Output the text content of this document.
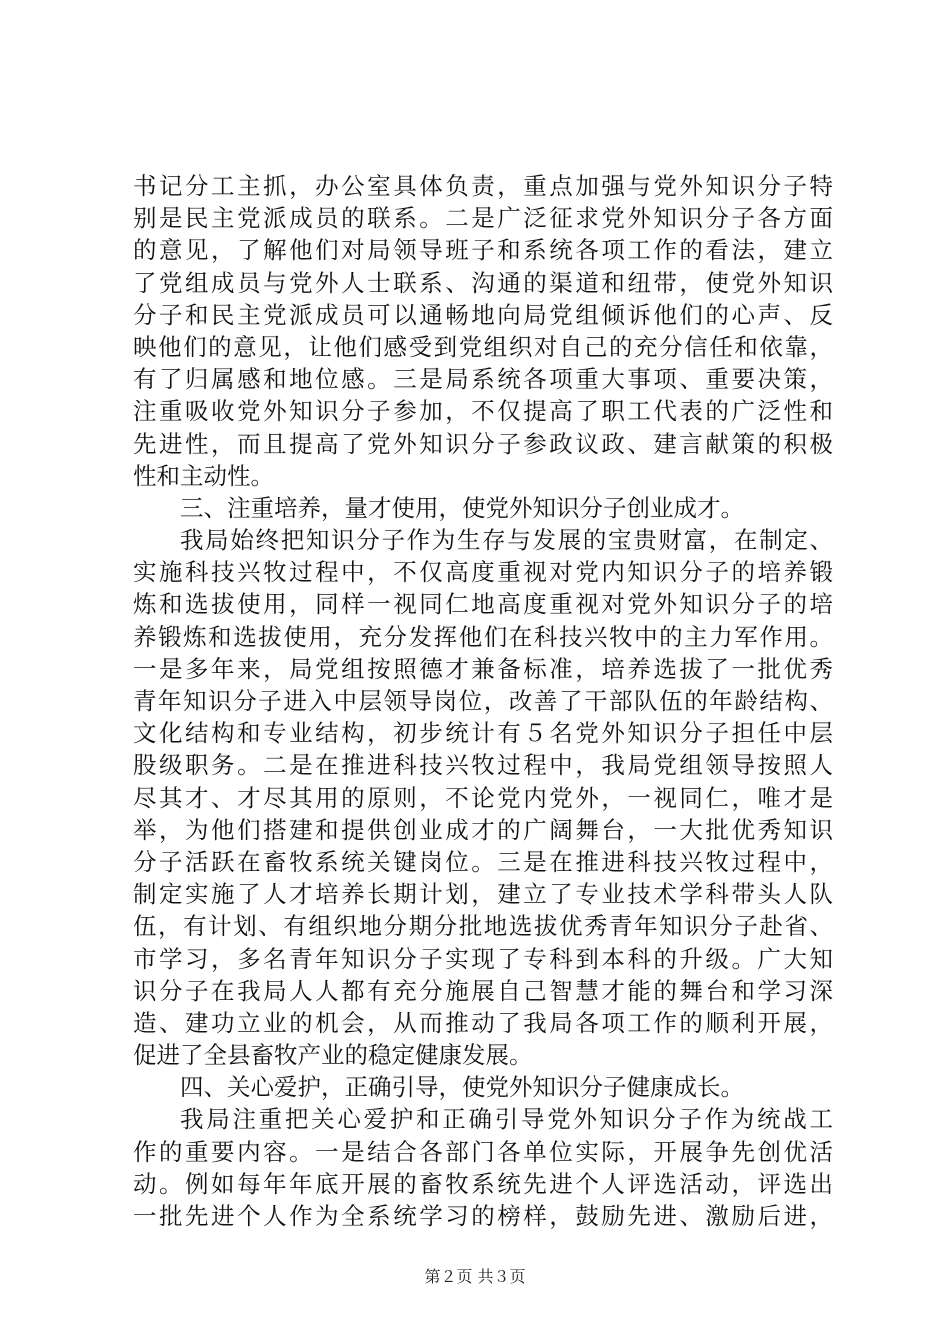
书记分工主抓，办公室具体负责，重点加强与党外知识分子特
别是民主党派成员的联系。二是广泛征求党外知识分子各方面
的意见，了解他们对局领导班子和系统各项工作的看法，建立
了党组成员与党外人士联系、沟通的渠道和纽带，使党外知识
分子和民主党派成员可以通畅地向局党组倾诉他们的心声、反
映他们的意见，让他们感受到党组织对自己的充分信任和依靠，
有了归属感和地位感。三是局系统各项重大事项、重要决策，
注重吸收党外知识分子参加，不仅提高了职工代表的广泛性和
先进性，而且提高了党外知识分子参政议政、建言献策的积极
性和主动性。
三、注重培养，量才使用，使党外知识分子创业成才。
我局始终把知识分子作为生存与发展的宝贵财富，在制定、
实施科技兴牧过程中，不仅高度重视对党内知识分子的培养锻
炼和选拔使用，同样一视同仁地高度重视对党外知识分子的培
养锻炼和选拔使用，充分发挥他们在科技兴牧中的主力军作用。
一是多年来，局党组按照德才兼备标准，培养选拔了一批优秀
青年知识分子进入中层领导岗位，改善了干部队伍的年龄结构、
文化结构和专业结构，初步统计有５名党外知识分子担任中层
股级职务。二是在推进科技兴牧过程中，我局党组领导按照人
尽其才、才尽其用的原则，不论党内党外，一视同仁，唯才是
举，为他们搭建和提供创业成才的广阔舞台，一大批优秀知识
分子活跃在畜牧系统关键岗位。三是在推进科技兴牧过程中，
制定实施了人才培养长期计划，建立了专业技术学科带头人队
伍，有计划、有组织地分期分批地选拔优秀青年知识分子赴省、
市学习，多名青年知识分子实现了专科到本科的升级。广大知
识分子在我局人人都有充分施展自己智慧才能的舞台和学习深
造、建功立业的机会，从而推动了我局各项工作的顺利开展，
促进了全县畜牧产业的稳定健康发展。
四、关心爱护，正确引导，使党外知识分子健康成长。
我局注重把关心爱护和正确引导党外知识分子作为统战工
作的重要内容。一是结合各部门各单位实际，开展争先创优活
动。例如每年年底开展的畜牧系统先进个人评选活动，评选出
一批先进个人作为全系统学习的榜样，鼓励先进、激励后进，
第２页 共３页
